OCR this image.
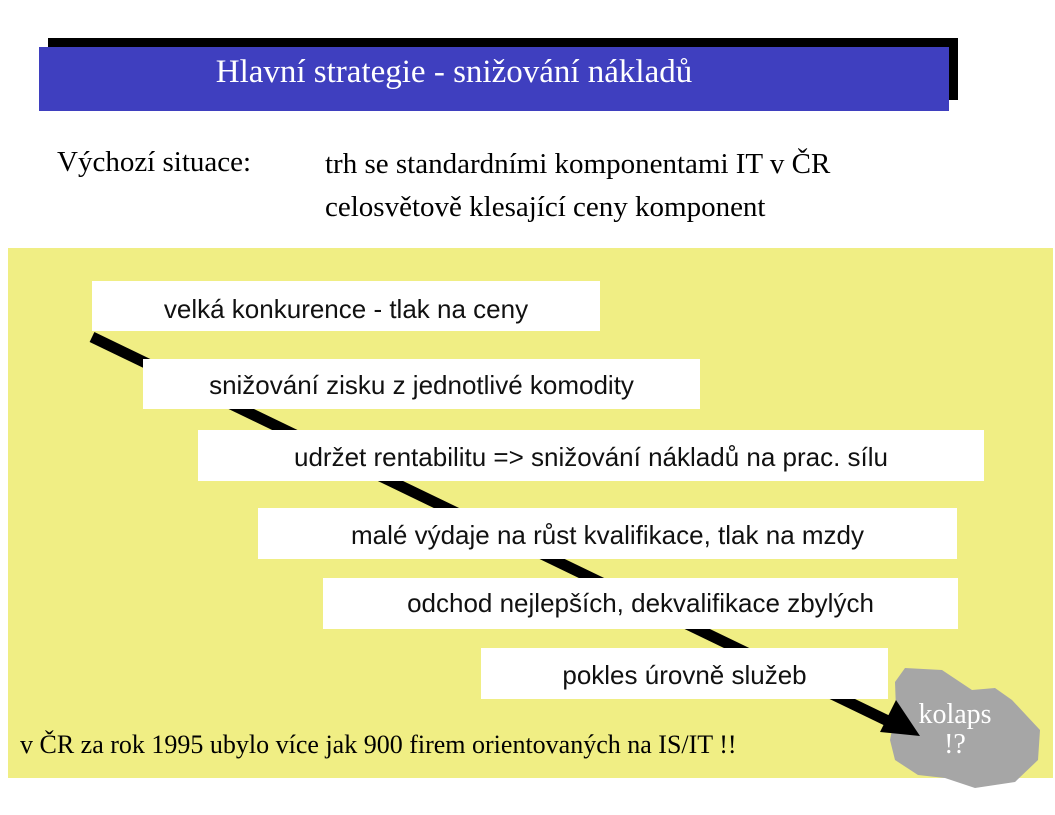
Hlavní strategie - snižování nákladů
Výchozí situace:	trh se standardními komponentami IT v ČR
celosvětově klesající ceny komponent
velká konkurence - tlak na ceny
snižování zisku z jednotlivé komodity
udržet rentabilitu => snižování nákladů na prac. sílu
malé výdaje na růst kvalifikace, tlak na mzdy
odchod nejlepších, dekvalifikace zbylých
pokles úrovně služeb
kolaps
!?
v ČR za rok 1995 ubylo více jak 900 firem orientovaných na IS/IT !!
